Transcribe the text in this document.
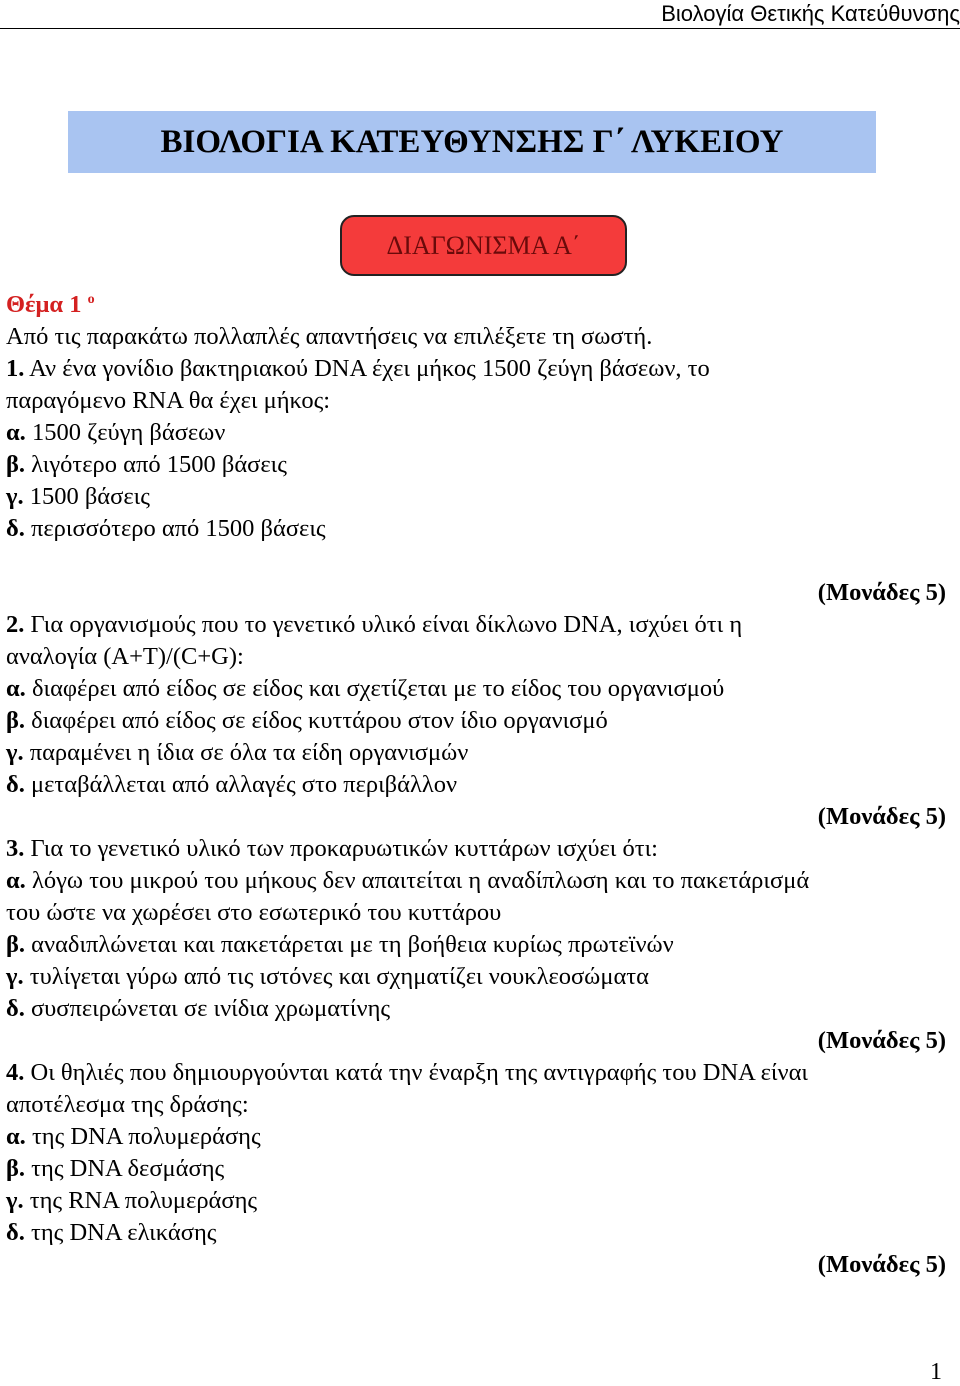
Βιολογία Θετικής Κατεύθυνσης
ΒΙΟΛΟΓΙΑ ΚΑΤΕΥΘΥΝΣΗΣ Γ΄ ΛΥΚΕΙΟΥ
ΔΙΑΓΩΝΙΣΜΑ Α΄
Θέμα 1 $^o$
Από τις παρακάτω πολλαπλές απαντήσεις να επιλέξετε τη σωστή.
1. Αν ένα γονίδιο βακτηριακού DNA έχει μήκος 1500 ζεύγη βάσεων, το
παραγόμενο RNA θα έχει μήκος:
α. 1500 ζεύγη βάσεων
β. λιγότερο από 1500 βάσεις
γ. 1500 βάσεις
δ. περισσότερο από 1500 βάσεις
(Μονάδες 5)
2. Για οργανισμούς που το γενετικό υλικό είναι δίκλωνο DNA, ισχύει ότι η
αναλογία (A+T)/(C+G):
α. διαφέρει από είδος σε είδος και σχετίζεται με το είδος του οργανισμού
β. διαφέρει από είδος σε είδος κυττάρου στον ίδιο οργανισμό
γ. παραμένει η ίδια σε όλα τα είδη οργανισμών
δ. μεταβάλλεται από αλλαγές στο περιβάλλον
(Μονάδες 5)
3. Για το γενετικό υλικό των προκαρυωτικών κυττάρων ισχύει ότι:
α. λόγω του μικρού του μήκους δεν απαιτείται η αναδίπλωση και το πακετάρισμά
του ώστε να χωρέσει στο εσωτερικό του κυττάρου
β. αναδιπλώνεται και πακετάρεται με τη βοήθεια κυρίως πρωτεϊνών
γ. τυλίγεται γύρω από τις ιστόνες και σχηματίζει νουκλεοσώματα
δ. συσπειρώνεται σε ινίδια χρωματίνης
(Μονάδες 5)
4. Οι θηλιές που δημιουργούνται κατά την έναρξη της αντιγραφής του DNA είναι
αποτέλεσμα της δράσης:
α. της DNA πολυμεράσης
β. της DNA δεσμάσης
γ. της RNA πολυμεράσης
δ. της DNA ελικάσης
(Μονάδες 5)
1
